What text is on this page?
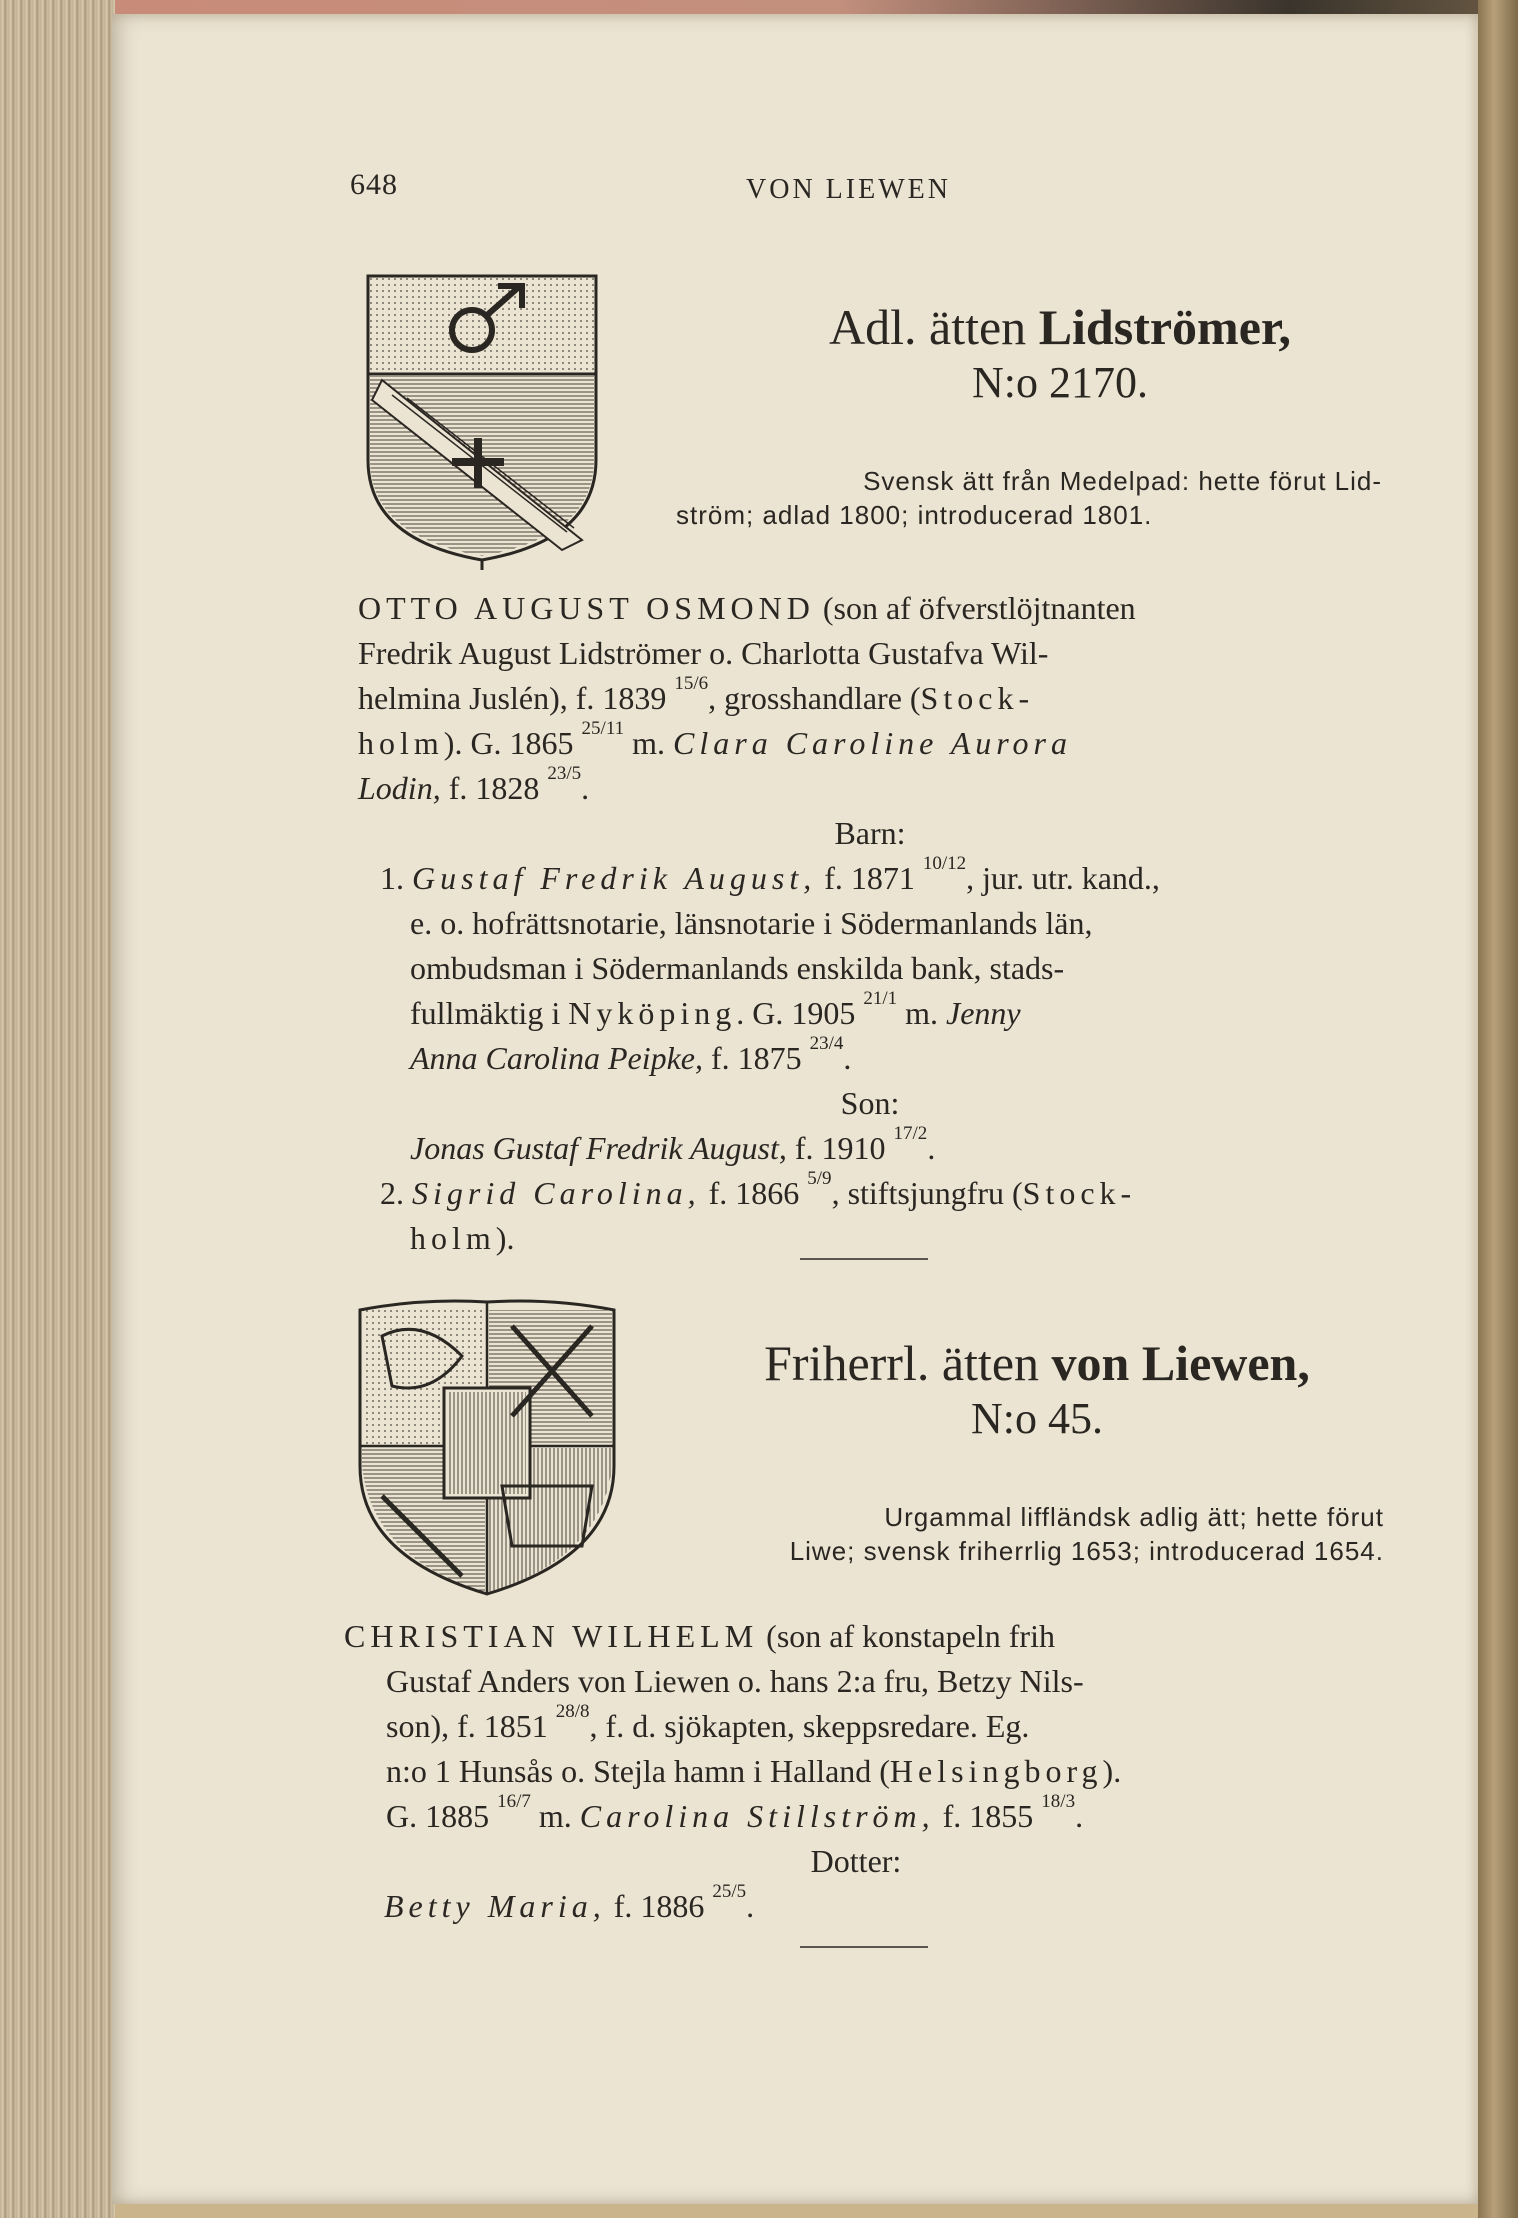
648	VON LIEWEN
Adl. ätten Lidströmer,
N:o 2170.
Svensk ätt från Medelpad: hette förut Lid-
ström; adlad 1800; introducerad 1801.

OTTO AUGUST OSMOND (son af öfverstlöjtnanten

Fredrik August Lidströmer o. Charlotta Gustafva Wil-

helmina Juslén), f. 1839 $^{15/6}$, grosshandlare (Stock-

holm). G. 1865 $^{25/11}$ m. Clara Caroline Aurora

Lodin, f. 1828 $^{23/5}$.

Barn:

1. Gustaf Fredrik August, f. 1871 $^{10/12}$, jur. utr. kand.,

e. o. hofrättsnotarie, länsnotarie i Södermanlands län,

ombudsman i Södermanlands enskilda bank, stads-

fullmäktig i Nyköping. G. 1905 $^{21/1}$ m. Jenny

Anna Carolina Peipke, f. 1875 $^{23/4}$.

Son:

Jonas Gustaf Fredrik August, f. 1910 $^{17/2}$.

2. Sigrid Carolina, f. 1866 $^{5/9}$, stiftsjungfru (Stock-

holm).

Friherrl. ätten von Liewen,
N:o 45.
Urgammal liffländsk adlig ätt; hette förut
Liwe; svensk friherrlig 1653; introducerad 1654.

CHRISTIAN WILHELM (son af konstapeln frih

Gustaf Anders von Liewen o. hans 2:a fru, Betzy Nils-

son), f. 1851 $^{28/8}$, f. d. sjökapten, skeppsredare. Eg.

n:o 1 Hunsås o. Stejla hamn i Halland (Helsingborg).

G. 1885 $^{16/7}$ m. Carolina Stillström, f. 1855 $^{18/3}$.

Dotter:

Betty Maria, f. 1886 $^{25/5}$.
